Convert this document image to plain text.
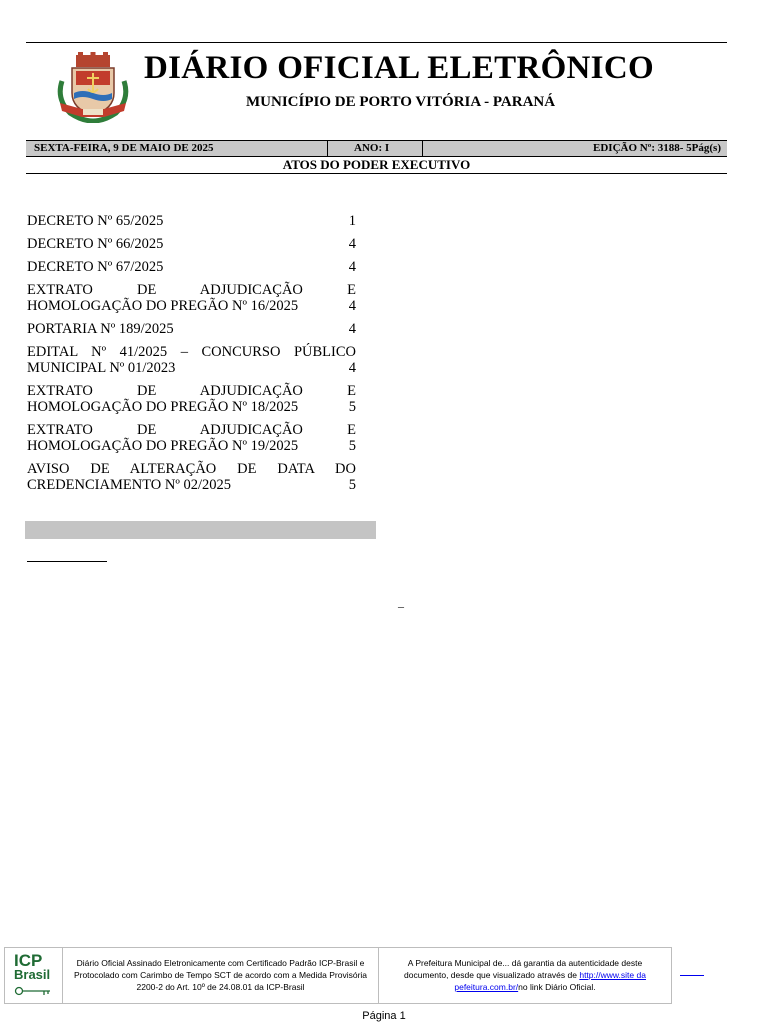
DIÁRIO OFICIAL ELETRÔNICO
MUNICÍPIO DE PORTO VITÓRIA - PARANÁ
SEXTA-FEIRA, 9 DE MAIO DE 2025	ANO: I	EDIÇÃO Nº: 3188- 5Pág(s)
ATOS DO PODER EXECUTIVO
DECRETO Nº 65/2025	1
DECRETO Nº 66/2025	4
DECRETO Nº 67/2025	4
EXTRATO DE ADJUDICAÇÃO E
HOMOLOGAÇÃO DO PREGÃO Nº 16/2025	4
PORTARIA Nº 189/2025	4
EDITAL Nº 41/2025 – CONCURSO PÚBLICO
MUNICIPAL Nº 01/2023	4
EXTRATO DE ADJUDICAÇÃO E
HOMOLOGAÇÃO DO PREGÃO Nº 18/2025	5
EXTRATO DE ADJUDICAÇÃO E
HOMOLOGAÇÃO DO PREGÃO Nº 19/2025	5
AVISO DE ALTERAÇÃO DE DATA DO
CREDENCIAMENTO Nº 02/2025	5
–
ICP
Brasil
Diário Oficial Assinado Eletronicamente com Certificado Padrão ICP-Brasil e Protocolado com Carimbo de Tempo SCT de acordo com a Medida Provisória 2200-2 do Art. 10º de 24.08.01 da ICP-Brasil
A Prefeitura Municipal de... dá garantia da autenticidade deste documento, desde que visualizado através de http://www.site da pefeitura.com.br/no link Diário Oficial.
Página 1
